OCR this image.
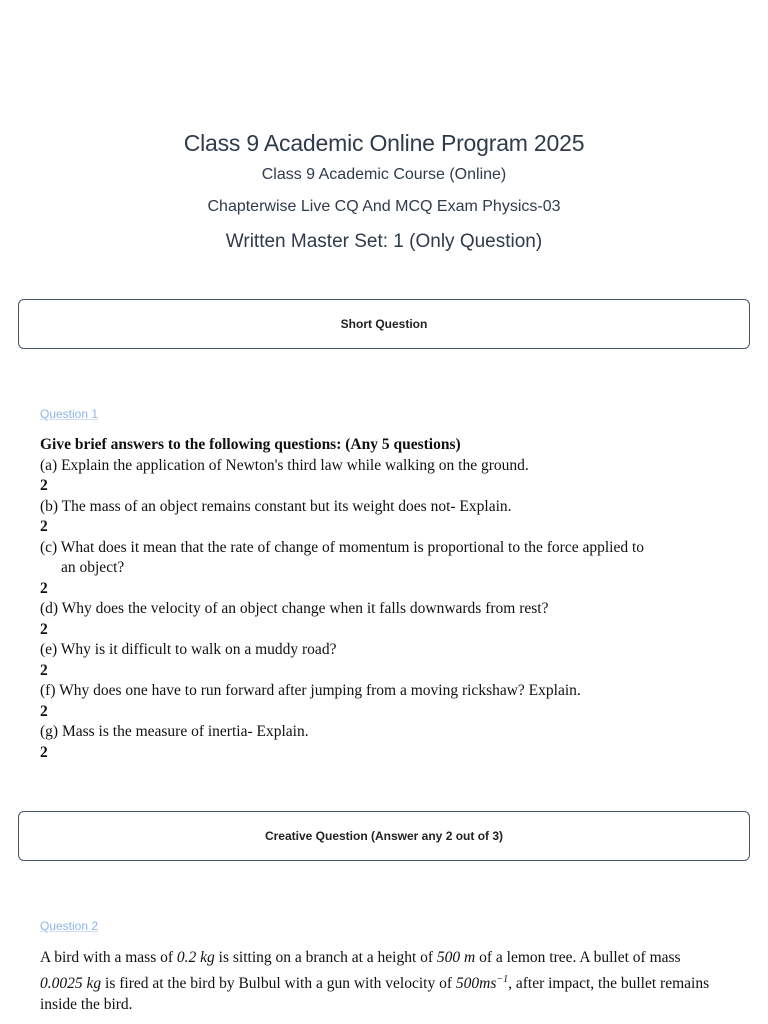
Class 9 Academic Online Program 2025
Class 9 Academic Course (Online)
Chapterwise Live CQ And MCQ Exam Physics-03
Written Master Set: 1 (Only Question)
Short Question
Question 1
Give brief answers to the following questions: (Any 5 questions)
(a) Explain the application of Newton's third law while walking on the ground.
2
(b) The mass of an object remains constant but its weight does not- Explain.
2
(c) What does it mean that the rate of change of momentum is proportional to the force applied to
an object?
2
(d) Why does the velocity of an object change when it falls downwards from rest?
2
(e) Why is it difficult to walk on a muddy road?
2
(f) Why does one have to run forward after jumping from a moving rickshaw? Explain.
2
(g) Mass is the measure of inertia- Explain.
2
Creative Question (Answer any 2 out of 3)
Question 2
A bird with a mass of 0.2 kg is sitting on a branch at a height of 500 m of a lemon tree. A bullet of mass 0.0025 kg is fired at the bird by Bulbul with a gun with velocity of $500ms^{-1}$, after impact, the bullet remains inside the bird.
